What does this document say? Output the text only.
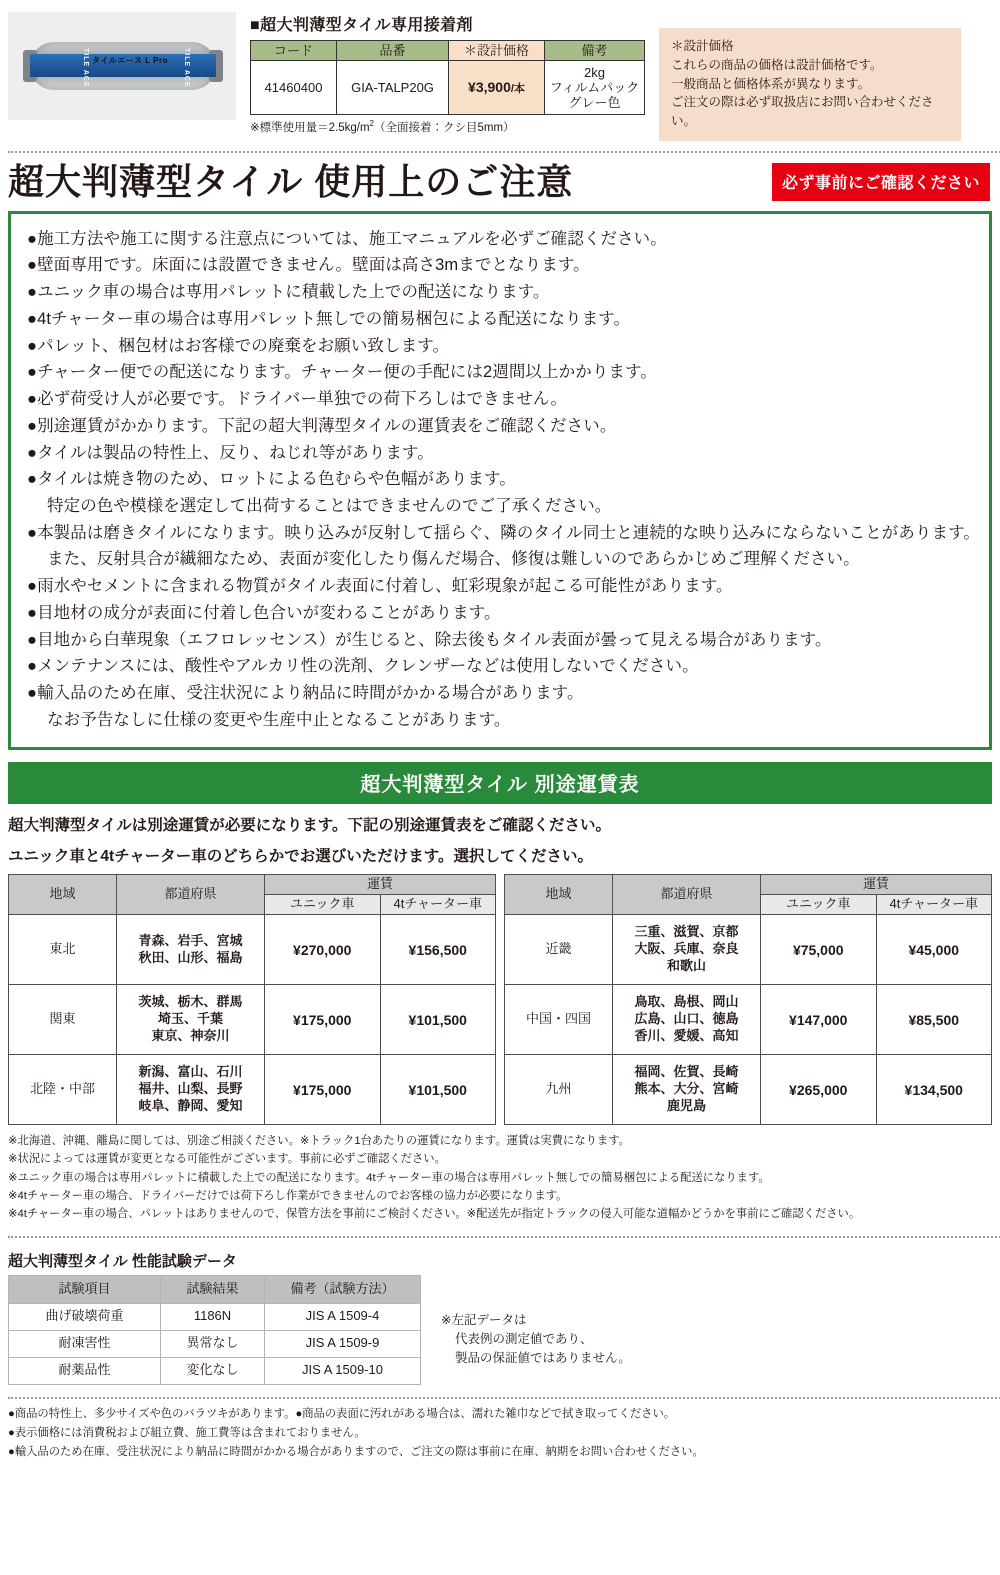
タイルエース L Pro
TILE ACE	TILE ACE
■超大判薄型タイル専用接着剤
コード	品番	＊設計価格	備考
41460400	GIA-TALP20G	¥3,900/本	2kg
フィルムパック
グレー色
※標準使用量$=2.5kg/m^2$（全面接着：クシ目5mm）
＊設計価格
これらの商品の価格は設計価格です。
一般商品と価格体系が異なります。
ご注文の際は必ず取扱店にお問い合わせください。
超大判薄型タイル 使用上のご注意	必ず事前にご確認ください
●施工方法や施工に関する注意点については、施工マニュアルを必ずご確認ください。
●壁面専用です。床面には設置できません。壁面は高さ3mまでとなります。
●ユニック車の場合は専用パレットに積載した上での配送になります。
●4tチャーター車の場合は専用パレット無しでの簡易梱包による配送になります。
●パレット、梱包材はお客様での廃棄をお願い致します。
●チャーター便での配送になります。チャーター便の手配には2週間以上かかります。
●必ず荷受け人が必要です。ドライバー単独での荷下ろしはできません。
●別途運賃がかかります。下記の超大判薄型タイルの運賃表をご確認ください。
●タイルは製品の特性上、反り、ねじれ等があります。
●タイルは焼き物のため、ロットによる色むらや色幅があります。
特定の色や模様を選定して出荷することはできませんのでご了承ください。
●本製品は磨きタイルになります。映り込みが反射して揺らぐ、隣のタイル同士と連続的な映り込みにならないことがあります。
また、反射具合が繊細なため、表面が変化したり傷んだ場合、修復は難しいのであらかじめご理解ください。
●雨水やセメントに含まれる物質がタイル表面に付着し、虹彩現象が起こる可能性があります。
●目地材の成分が表面に付着し色合いが変わることがあります。
●目地から白華現象（エフロレッセンス）が生じると、除去後もタイル表面が曇って見える場合があります。
●メンテナンスには、酸性やアルカリ性の洗剤、クレンザーなどは使用しないでください。
●輸入品のため在庫、受注状況により納品に時間がかかる場合があります。
なお予告なしに仕様の変更や生産中止となることがあります。
超大判薄型タイル 別途運賃表
超大判薄型タイルは別途運賃が必要になります。下記の別途運賃表をご確認ください。
ユニック車と4tチャーター車のどちらかでお選びいただけます。選択してください。
地域	都道府県	運賃	
		ユニック車	4tチャーター車
東北	青森、岩手、宮城
秋田、山形、福島	¥270,000	¥156,500
関東	茨城、栃木、群馬
埼玉、千葉
東京、神奈川	¥175,000	¥101,500
北陸・中部	新潟、富山、石川
福井、山梨、長野
岐阜、静岡、愛知	¥175,000	¥101,500
地域	都道府県	運賃	
		ユニック車	4tチャーター車
近畿	三重、滋賀、京都
大阪、兵庫、奈良
和歌山	¥75,000	¥45,000
中国・四国	鳥取、島根、岡山
広島、山口、徳島
香川、愛媛、高知	¥147,000	¥85,500
九州	福岡、佐賀、長崎
熊本、大分、宮崎
鹿児島	¥265,000	¥134,500
※北海道、沖縄、離島に関しては、別途ご相談ください。※トラック1台あたりの運賃になります。運賃は実費になります。
※状況によっては運賃が変更となる可能性がございます。事前に必ずご確認ください。
※ユニック車の場合は専用パレットに積載した上での配送になります。4tチャーター車の場合は専用パレット無しでの簡易梱包による配送になります。
※4tチャーター車の場合、ドライバーだけでは荷下ろし作業ができませんのでお客様の協力が必要になります。
※4tチャーター車の場合、パレットはありませんので、保管方法を事前にご検討ください。※配送先が指定トラックの侵入可能な道幅かどうかを事前にご確認ください。
超大判薄型タイル 性能試験データ
試験項目	試験結果	備考（試験方法）
曲げ破壊荷重	1186N	JIS A 1509-4
耐凍害性	異常なし	JIS A 1509-9
耐薬品性	変化なし	JIS A 1509-10
※左記データは
代表例の測定値であり、
製品の保証値ではありません。
●商品の特性上、多少サイズや色のバラツキがあります。●商品の表面に汚れがある場合は、濡れた雑巾などで拭き取ってください。
●表示価格には消費税および組立費、施工費等は含まれておりません。
●輸入品のため在庫、受注状況により納品に時間がかかる場合がありますので、ご注文の際は事前に在庫、納期をお問い合わせください。
